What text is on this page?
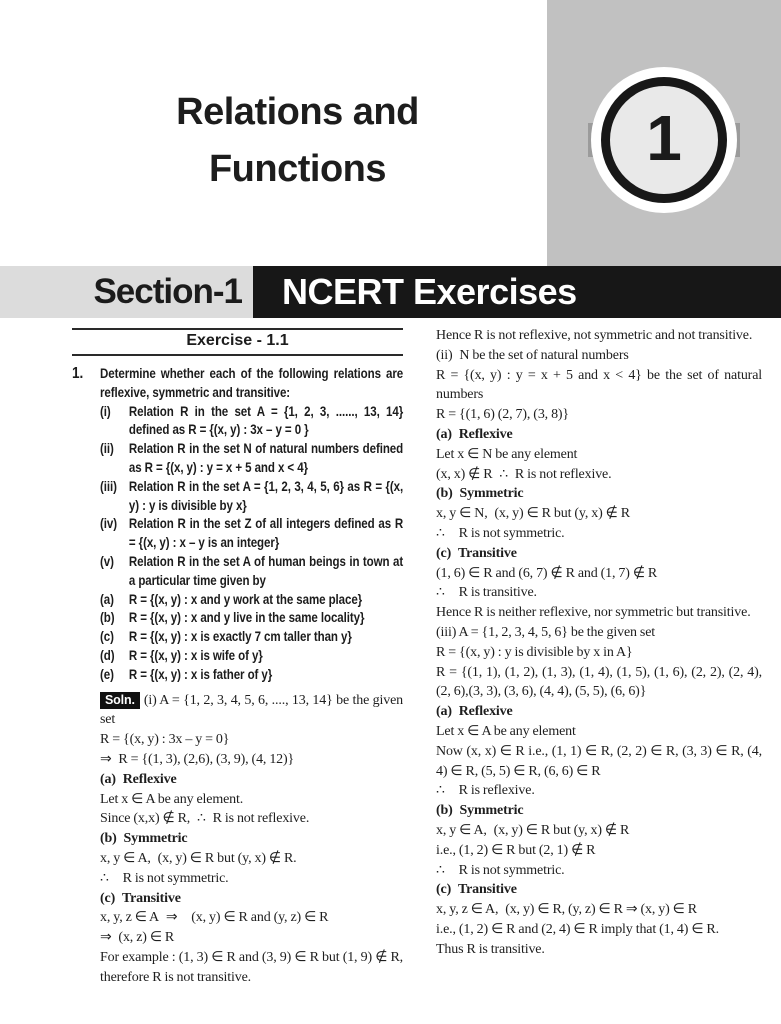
1
Relations and
Functions
Section-1	NCERT Exercises
Exercise - 1.1
1. Determine whether each of the following relations are reflexive, symmetric and transitive:

(i) Relation R in the set A = {1, 2, 3, ......, 13, 14} defined as R = {(x, y) : 3x – y = 0 }

(ii) Relation R in the set N of natural numbers defined as R = {(x, y) : y = x + 5 and x < 4}

(iii) Relation R in the set A = {1, 2, 3, 4, 5, 6} as R = {(x, y) : y is divisible by x}

(iv) Relation R in the set Z of all integers defined as R = {(x, y) : x – y is an integer}

(v) Relation R in the set A of human beings in town at a particular time given by

(a) R = {(x, y) : x and y work at the same place}

(b) R = {(x, y) : x and y live in the same locality}

(c) R = {(x, y) : x is exactly 7 cm taller than y}

(d) R = {(x, y) : x is wife of y}

(e) R = {(x, y) : x is father of y}

Soln. (i) A = {1, 2, 3, 4, 5, 6, ...., 13, 14} be the given set

R = {(x, y) : 3x – y = 0}

⇒ R = {(1, 3), (2,6), (3, 9), (4, 12)}

(a) Reflexive

Let x ∈ A be any element.

Since (x,x) ∉ R, ∴ R is not reflexive.

(b) Symmetric

x, y ∈ A, (x, y) ∈ R but (y, x) ∉ R.

∴ R is not symmetric.

(c) Transitive

x, y, z ∈ A ⇒ (x, y) ∈ R and (y, z) ∈ R

⇒ (x, z) ∈ R

For example : (1, 3) ∈ R and (3, 9) ∈ R but (1, 9) ∉ R, therefore R is not transitive.

Hence R is not reflexive, not symmetric and not transitive.

(ii) N be the set of natural numbers

R = {(x, y) : y = x + 5 and x < 4} be the set of natural numbers

R = {(1, 6) (2, 7), (3, 8)}

(a) Reflexive

Let x ∈ N be any element

(x, x) ∉ R ∴ R is not reflexive.

(b) Symmetric

x, y ∈ N, (x, y) ∈ R but (y, x) ∉ R

∴ R is not symmetric.

(c) Transitive

(1, 6) ∈ R and (6, 7) ∉ R and (1, 7) ∉ R

∴ R is transitive.

Hence R is neither reflexive, nor symmetric but transitive.

(iii) A = {1, 2, 3, 4, 5, 6} be the given set

R = {(x, y) : y is divisible by x in A}

R = {(1, 1), (1, 2), (1, 3), (1, 4), (1, 5), (1, 6), (2, 2), (2, 4), (2, 6),(3, 3), (3, 6), (4, 4), (5, 5), (6, 6)}

(a) Reflexive

Let x ∈ A be any element

Now (x, x) ∈ R i.e., (1, 1) ∈ R, (2, 2) ∈ R, (3, 3) ∈ R, (4, 4) ∈ R, (5, 5) ∈ R, (6, 6) ∈ R

∴ R is reflexive.

(b) Symmetric

x, y ∈ A, (x, y) ∈ R but (y, x) ∉ R

i.e., (1, 2) ∈ R but (2, 1) ∉ R

∴ R is not symmetric.

(c) Transitive

x, y, z ∈ A, (x, y) ∈ R, (y, z) ∈ R ⇒ (x, y) ∈ R

i.e., (1, 2) ∈ R and (2, 4) ∈ R imply that (1, 4) ∈ R.

Thus R is transitive.
